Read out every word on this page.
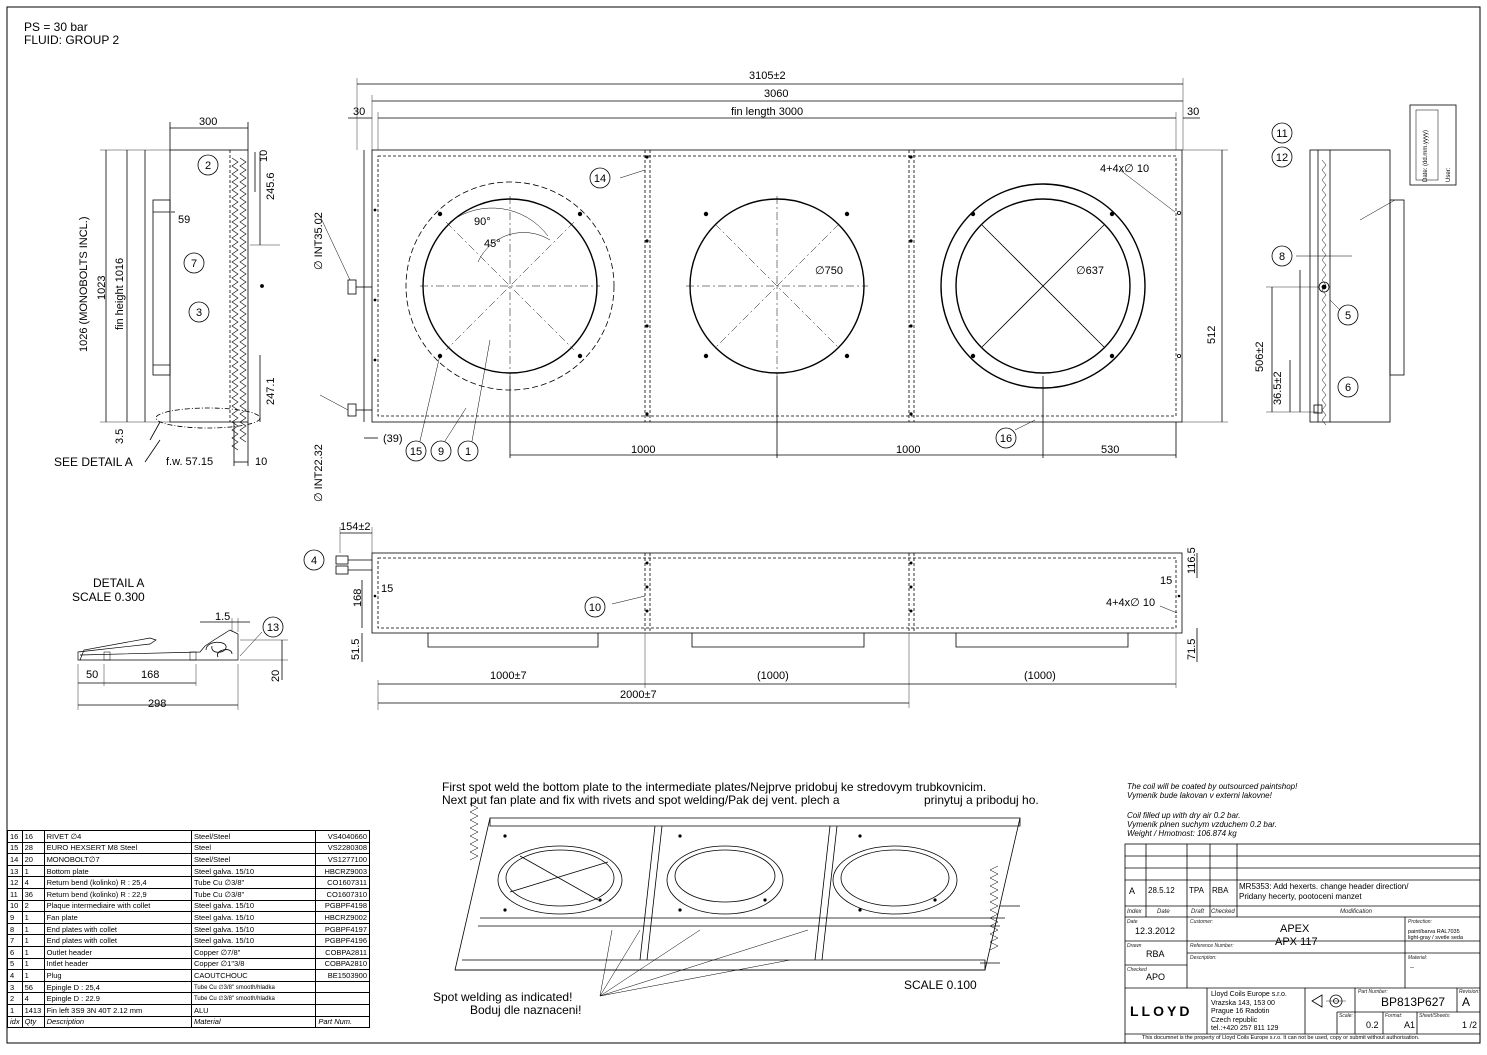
PS = 30 bar
FLUID: GROUP 2
3105±2
3060
fin length 3000
30	30
(39)
1000	1000	530
512
90°
45°
∅750	∅637
4+4x∅ 10
∅ INT35.02
∅ INT22.32
300
10
245.6
59
1023 fin height 1016
1026 (MONOBOLTS INCL.)
3.5
247.1
SEE DETAIL A	f.w. 57.15	10
506±2
36.5±2
Date: (dd.mm.yyyy)	User:
154±2
116.5
15
15
168	4+4x∅ 10
51.5	71.5
1000±7	(1000)	(1000)
2000±7
DETAIL A
SCALE 0.300
1.5
50	168	20
298
1
2
3
4
5
6
7
8
9
10
11
12
13
14
15
16
First spot weld the bottom plate to the intermediate plates/Nejprve pridobuj ke stredovym trubkovnicim.
Next put fan plate and fix with rivets and spot welding/Pak dej vent. plech a	prinytuj a priboduj ho.
Spot welding as indicated!
Boduj dle naznaceni!
SCALE 0.100
The coil will be coated by outsourced paintshop!
Vymenik bude lakovan v externi lakovne!
Coil filled up with dry air 0.2 bar.
Vymenik plnen suchym vzduchem 0.2 bar.
Weight / Hmotnost: 106.874 kg
16	16	RIVET ∅4	Steel/Steel	VS4040660
15	28	EURO HEXSERT M8 Steel	Steel	VS2280308
14	20	MONOBOLT∅7	Steel/Steel	VS1277100
13	1	Bottom plate	Steel galva. 15/10	HBCRZ9003
12	4	Return bend (kolinko) R : 25,4	Tube Cu ∅3/8"	CO1607311
11	36	Return bend (kolinko) R : 22,9	Tube Cu ∅3/8"	CO1607310
10	2	Plaque intermediaire with collet	Steel galva. 15/10	PGBPF4198
9	1	Fan plate	Steel galva. 15/10	HBCRZ9002
8	1	End plates with collet	Steel galva. 15/10	PGBPF4197
7	1	End plates with collet	Steel galva. 15/10	PGBPF4196
6	1	Outlet header	Copper ∅7/8"	COBPA2811
5	1	Intlet header	Copper ∅1"3/8	COBPA2810
4	1	Plug	CAOUTCHOUC	BE1503900
3	56	Epingle D : 25,4	Tube Cu ∅3/8" smooth/hladka	
2	4	Epingle D : 22.9	Tube Cu ∅3/8" smooth/hladka	
1	1413	Fin left 3S9 3N 40T 2.12 mm	ALU	
idx	Qty	Description	Material	Part Num.
A 28.5.12 TPA RBA MR5353: Add hexerts. change header direction/
Pridany hecerty, pootoceni manzet
Index	Date	Draft Checked	Modification
Date
12.3.2012
Customer:
APEX
APX 117
Protection:
paint/barva RAL7035
light-gray / svetle seda
Drawn
RBA
Reference Number:
Description:	Material:
--
Checked
APO
LLOYD
Lloyd Coils Europe s.r.o.
Vrazska 143, 153 00
Prague 16 Radotin
Czech republic
tel.:+420 257 811 129
Part Number:
BP813P627
Revision:
A
Scale:
0.2
Format:
A1
Sheet/Sheets:
1 /2
This documnet is the property of Lloyd Coils Europe s.r.o. It can not be used, copy or submit without authorisation.
